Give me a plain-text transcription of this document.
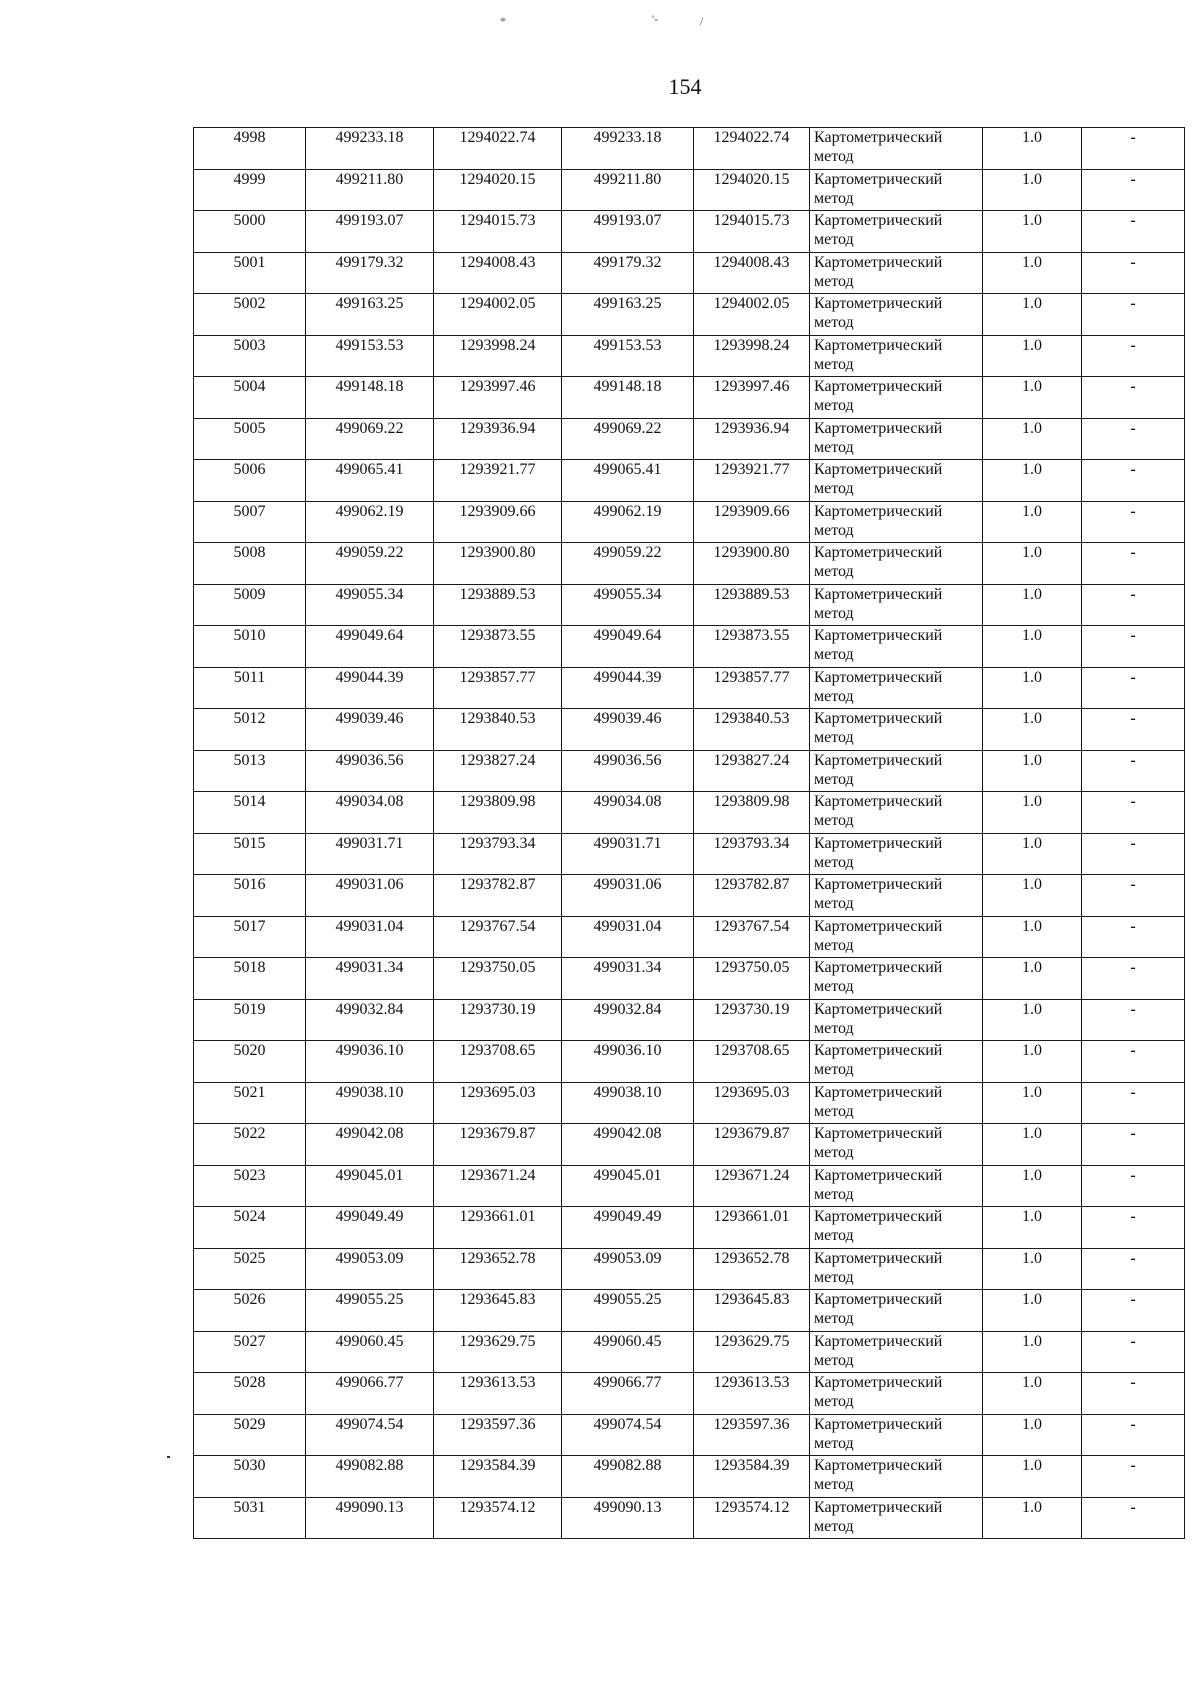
*	'-	/
154
4998	499233.18	1294022.74	499233.18	1294022.74	Картометрический метод	1.0	-
4999	499211.80	1294020.15	499211.80	1294020.15	Картометрический метод	1.0	-
5000	499193.07	1294015.73	499193.07	1294015.73	Картометрический метод	1.0	-
5001	499179.32	1294008.43	499179.32	1294008.43	Картометрический метод	1.0	-
5002	499163.25	1294002.05	499163.25	1294002.05	Картометрический метод	1.0	-
5003	499153.53	1293998.24	499153.53	1293998.24	Картометрический метод	1.0	-
5004	499148.18	1293997.46	499148.18	1293997.46	Картометрический метод	1.0	-
5005	499069.22	1293936.94	499069.22	1293936.94	Картометрический метод	1.0	-
5006	499065.41	1293921.77	499065.41	1293921.77	Картометрический метод	1.0	-
5007	499062.19	1293909.66	499062.19	1293909.66	Картометрический метод	1.0	-
5008	499059.22	1293900.80	499059.22	1293900.80	Картометрический метод	1.0	-
5009	499055.34	1293889.53	499055.34	1293889.53	Картометрический метод	1.0	-
5010	499049.64	1293873.55	499049.64	1293873.55	Картометрический метод	1.0	-
5011	499044.39	1293857.77	499044.39	1293857.77	Картометрический метод	1.0	-
5012	499039.46	1293840.53	499039.46	1293840.53	Картометрический метод	1.0	-
5013	499036.56	1293827.24	499036.56	1293827.24	Картометрический метод	1.0	-
5014	499034.08	1293809.98	499034.08	1293809.98	Картометрический метод	1.0	-
5015	499031.71	1293793.34	499031.71	1293793.34	Картометрический метод	1.0	-
5016	499031.06	1293782.87	499031.06	1293782.87	Картометрический метод	1.0	-
5017	499031.04	1293767.54	499031.04	1293767.54	Картометрический метод	1.0	-
5018	499031.34	1293750.05	499031.34	1293750.05	Картометрический метод	1.0	-
5019	499032.84	1293730.19	499032.84	1293730.19	Картометрический метод	1.0	-
5020	499036.10	1293708.65	499036.10	1293708.65	Картометрический метод	1.0	-
5021	499038.10	1293695.03	499038.10	1293695.03	Картометрический метод	1.0	-
5022	499042.08	1293679.87	499042.08	1293679.87	Картометрический метод	1.0	-
5023	499045.01	1293671.24	499045.01	1293671.24	Картометрический метод	1.0	-
5024	499049.49	1293661.01	499049.49	1293661.01	Картометрический метод	1.0	-
5025	499053.09	1293652.78	499053.09	1293652.78	Картометрический метод	1.0	-
5026	499055.25	1293645.83	499055.25	1293645.83	Картометрический метод	1.0	-
5027	499060.45	1293629.75	499060.45	1293629.75	Картометрический метод	1.0	-
5028	499066.77	1293613.53	499066.77	1293613.53	Картометрический метод	1.0	-
5029	499074.54	1293597.36	499074.54	1293597.36	Картометрический метод	1.0	-
5030	499082.88	1293584.39	499082.88	1293584.39	Картометрический метод	1.0	-
5031	499090.13	1293574.12	499090.13	1293574.12	Картометрический метод	1.0	-
